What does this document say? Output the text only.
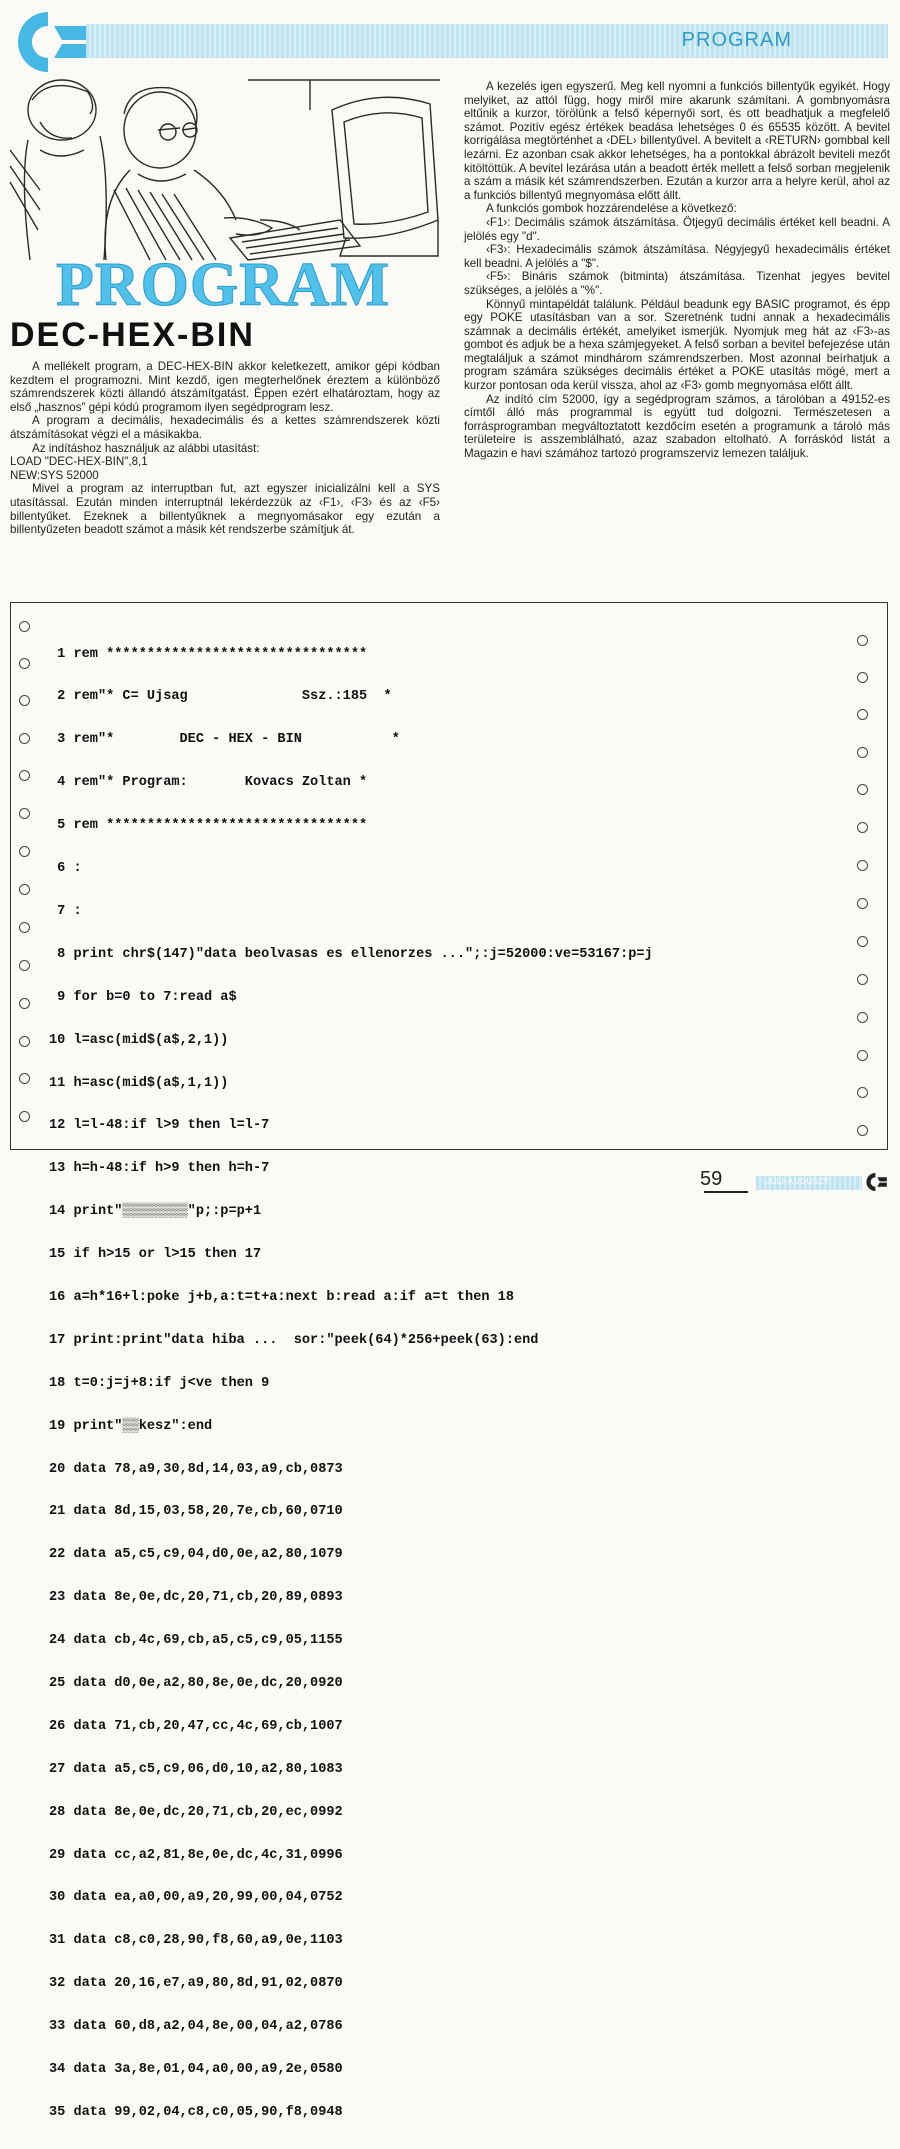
PROGRAM
PROGRAM
DEC-HEX-BIN

A mellékelt program, a DEC-HEX-BIN akkor keletkezett, amikor gépi kódban kezdtem el programozni. Mint kezdő, igen megterhelőnek éreztem a különböző számrendszerek közti állandó átszámítgatást. Éppen ezért elhatároztam, hogy az első „hasznos” gépi kódú programom ilyen segédprogram lesz.

A program a decimális, hexadecimális és a kettes számrendszerek közti átszámításokat végzi el a másikakba.

Az indításhoz használjuk az alábbi utasítást:

LOAD "DEC-HEX-BIN",8,1

NEW:SYS 52000

Mivel a program az interruptban fut, azt egyszer inicializálni kell a SYS utasítással. Ezután minden interruptnál lekérdezzük az ‹F1›, ‹F3› és az ‹F5› billentyűket. Ezeknek a billentyűknek a megnyomásakor egy ezután a billentyűzeten beadott számot a másik két rendszerbe számítjuk át.

A kezelés igen egyszerű. Meg kell nyomni a funkciós billentyűk egyikét. Hogy melyiket, az attól függ, hogy miről mire akarunk számítani. A gombnyomásra eltűnik a kurzor, törölünk a felső képernyői sort, és ott beadhatjuk a megfelelő számot. Pozitív egész értékek beadása lehetséges 0 és 65535 között. A bevitel korrigálása megtörténhet a ‹DEL› billentyűvel. A bevitelt a ‹RETURN› gombbal kell lezárni. Ez azonban csak akkor lehetséges, ha a pontokkal ábrázolt beviteli mezőt kitöltöttük. A bevitel lezárása után a beadott érték mellett a felső sorban megjelenik a szám a másik két számrendszerben. Ezután a kurzor arra a helyre kerül, ahol az a funkciós billentyű megnyomása előtt állt.

A funkciós gombok hozzárendelése a következő:

‹F1›: Decimális számok átszámítása. Ötjegyű decimális értéket kell beadni. A jelölés egy "d".

‹F3›: Hexadecimális számok átszámítása. Négyjegyű hexadecimális értéket kell beadni. A jelölés a "$".

‹F5›: Bináris számok (bitminta) átszámítása. Tizenhat jegyes bevitel szükséges, a jelölés a "%".

Könnyű mintapéldát találunk. Például beadunk egy BASIC programot, és épp egy POKE utasításban van a sor. Szeretnénk tudni annak a hexadecimális számnak a decimális értékét, amelyiket ismerjük. Nyomjuk meg hát az ‹F3›-as gombot és adjuk be a hexa számjegyeket. A felső sorban a bevitel befejezése után megtaláljuk a számot mindhárom számrendszerben. Most azonnal beírhatjuk a program számára szükséges decimális értéket a POKE utasítás mögé, mert a kurzor pontosan oda kerül vissza, ahol az ‹F3› gomb megnyomása előtt állt.

Az indító cím 52000, így a segédprogram számos, a tárolóban a 49152-es címtől álló más programmal is együtt tud dolgozni. Természetesen a forrásprogramban megváltoztatott kezdőcím esetén a programunk a tároló más területeire is asszemblálható, azaz szabadon eltolható. A forráskód listát a Magazin e havi számához tartozó programszerviz lemezen találjuk.

1 rem ********************************

2 rem"* C= Ujsag              Ssz.:185  *

3 rem"*        DEC - HEX - BIN           *

4 rem"* Program:       Kovacs Zoltan *

5 rem ********************************

6 :

7 :

8 print chr$(147)"data beolvasas es ellenorzes ...";:j=52000:ve=53167:p=j

9 for b=0 to 7:read a$

10 l=asc(mid$(a$,2,1))

11 h=asc(mid$(a$,1,1))

12 l=l-48:if l>9 then l=l-7

13 h=h-48:if h>9 then h=h-7

14 print"▒▒▒▒▒▒▒▒"p;:p=p+1

15 if h>15 or l>15 then 17

16 a=h*16+l:poke j+b,a:t=t+a:next b:read a:if a=t then 18

17 print:print"data hiba ...  sor:"peek(64)*256+peek(63):end

18 t=0:j=j+8:if j<ve then 9

19 print"▒▒kesz":end

20 data 78,a9,30,8d,14,03,a9,cb,0873

21 data 8d,15,03,58,20,7e,cb,60,0710

22 data a5,c5,c9,04,d0,0e,a2,80,1079

23 data 8e,0e,dc,20,71,cb,20,89,0893

24 data cb,4c,69,cb,a5,c5,c9,05,1155

25 data d0,0e,a2,80,8e,0e,dc,20,0920

26 data 71,cb,20,47,cc,4c,69,cb,1007

27 data a5,c5,c9,06,d0,10,a2,80,1083

28 data 8e,0e,dc,20,71,cb,20,ec,0992

29 data cc,a2,81,8e,0e,dc,4c,31,0996

30 data ea,a0,00,a9,20,99,00,04,0752

31 data c8,c0,28,90,f8,60,a9,0e,1103

32 data 20,16,e7,a9,80,8d,91,02,0870

33 data 60,d8,a2,04,8e,00,04,a2,0786

34 data 3a,8e,01,04,a0,00,a9,2e,0580

35 data 99,02,04,c8,c0,05,90,f8,0948

59	JÚLI-AUGUSZT.
